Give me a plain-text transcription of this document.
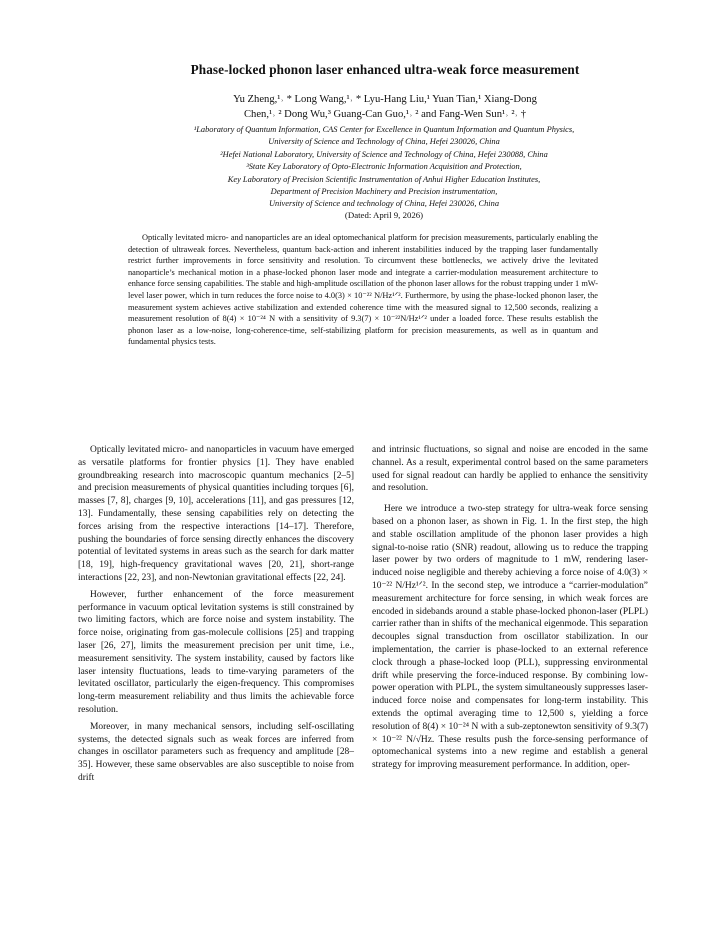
Phase-locked phonon laser enhanced ultra-weak force measurement
Yu Zheng,¹˒ * Long Wang,¹˒ * Lyu-Hang Liu,¹ Yuan Tian,¹ Xiang-Dong
Chen,¹˒ ² Dong Wu,³ Guang-Can Guo,¹˒ ² and Fang-Wen Sun¹˒ ²˒ †
¹Laboratory of Quantum Information, CAS Center for Excellence in Quantum Information and Quantum Physics,
University of Science and Technology of China, Hefei 230026, China
²Hefei National Laboratory, University of Science and Technology of China, Hefei 230088, China
³State Key Laboratory of Opto-Electronic Information Acquisition and Protection,
Key Laboratory of Precision Scientific Instrumentation of Anhui Higher Education Institutes,
Department of Precision Machinery and Precision instrumentation,
University of Science and technology of China, Hefei 230026, China
(Dated: April 9, 2026)

Optically levitated micro- and nanoparticles are an ideal optomechanical platform for precision measurements, particularly enabling the detection of ultraweak forces. Nevertheless, quantum back-action and inherent instabilities induced by the trapping laser fundamentally restrict further improvements in force sensitivity and resolution. To circumvent these bottlenecks, we actively drive the levitated nanoparticle’s mechanical motion in a phase-locked phonon laser mode and integrate a carrier-modulation measurement architecture to enhance force sensing capabilities. The stable and high-amplitude oscillation of the phonon laser allows for the robust trapping under 1 mW-level laser power, which in turn reduces the force noise to 4.0(3) × 10⁻²² N/Hz¹ᐟ². Furthermore, by using the phase-locked phonon laser, the measurement system achieves active stabilization and extended coherence time with the measured signal to 12,500 seconds, realizing a measurement resolution of 8(4) × 10⁻²⁴ N with a sensitivity of 9.3(7) × 10⁻²²N/Hz¹ᐟ² under a loaded force. These results establish the phonon laser as a low-noise, long-coherence-time, self-stabilizing platform for precision measurements, as well as in quantum and fundamental physics tests.

Optically levitated micro- and nanoparticles in vacuum have emerged as versatile platforms for frontier physics [1]. They have enabled groundbreaking research into macroscopic quantum mechanics [2–5] and precision measurements of physical quantities including torques [6], masses [7, 8], charges [9, 10], accelerations [11], and gas pressures [12, 13]. Fundamentally, these sensing capabilities rely on detecting the forces arising from the respective interactions [14–17]. Therefore, pushing the boundaries of force sensing directly enhances the discovery potential of levitated systems in areas such as the search for dark matter [18, 19], high-frequency gravitational waves [20, 21], short-range interactions [22, 23], and non-Newtonian gravitational effects [22, 24].

However, further enhancement of the force measurement performance in vacuum optical levitation systems is still constrained by two limiting factors, which are force noise and system instability. The force noise, originating from gas-molecule collisions [25] and trapping laser [26, 27], limits the measurement precision per unit time, i.e., measurement sensitivity. The system instability, caused by factors like laser intensity fluctuations, leads to time-varying parameters of the levitated oscillator, particularly the eigen-frequency. This compromises long-term measurement reliability and thus limits the achievable force resolution.

Moreover, in many mechanical sensors, including self-oscillating systems, the detected signals such as weak forces are inferred from changes in oscillator parameters such as frequency and amplitude [28–35]. However, these same observables are also susceptible to noise from drift

and intrinsic fluctuations, so signal and noise are encoded in the same channel. As a result, experimental control based on the same parameters used for signal readout can hardly be applied to enhance the sensitivity and resolution.

Here we introduce a two-step strategy for ultra-weak force sensing based on a phonon laser, as shown in Fig. 1. In the first step, the high and stable oscillation amplitude of the phonon laser provides a high signal-to-noise ratio (SNR) readout, allowing us to reduce the trapping laser power by two orders of magnitude to 1 mW, rendering laser-induced noise negligible and thereby achieving a force noise of 4.0(3) × 10⁻²² N/Hz¹ᐟ². In the second step, we introduce a “carrier-modulation” measurement architecture for force sensing, in which weak forces are encoded in sidebands around a stable phase-locked phonon-laser (PLPL) carrier rather than in shifts of the mechanical eigenmode. This separation decouples signal transduction from oscillator stabilization. In our implementation, the carrier is phase-locked to an external reference clock through a phase-locked loop (PLL), suppressing environmental drift while preserving the force-induced response. By combining low-power operation with PLPL, the system simultaneously suppresses laser-induced force noise and compensates for long-term instability. This extends the optimal averaging time to 12,500 s, yielding a force resolution of 8(4) × 10⁻²⁴ N with a sub-zeptonewton sensitivity of 9.3(7) × 10⁻²² N/√Hz. These results push the force-sensing performance of optomechanical systems into a new regime and establish a general strategy for improving measurement performance. In addition, oper-
